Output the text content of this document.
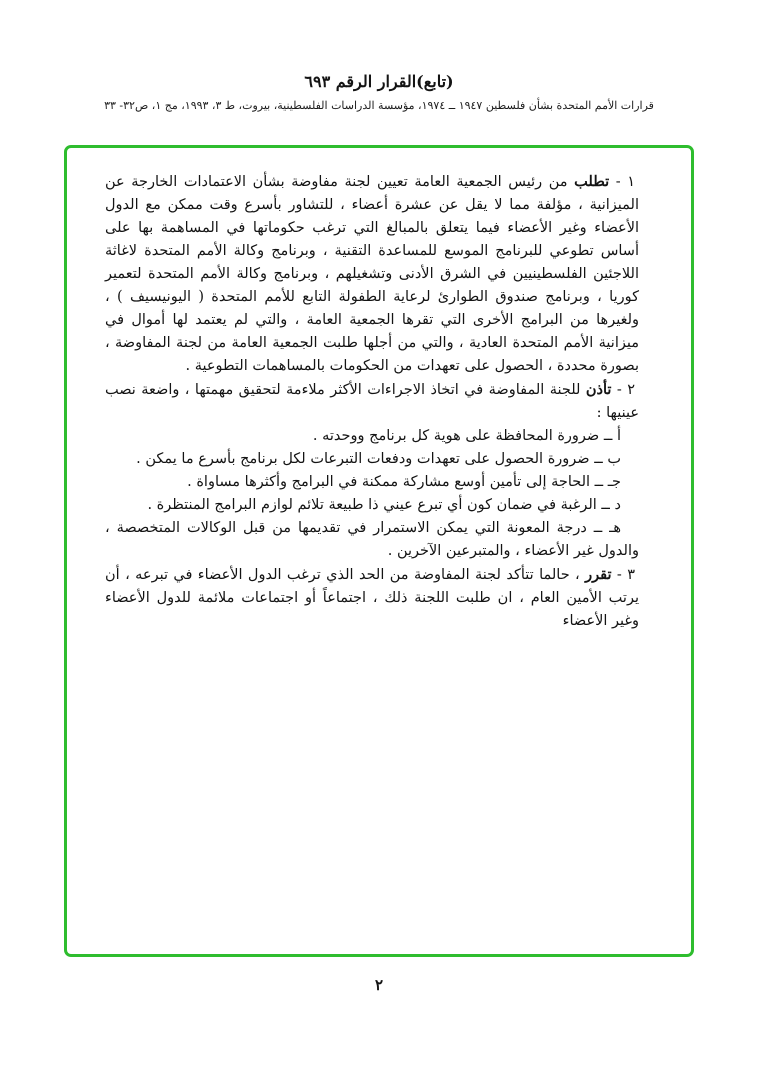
(تابع)القرار الرقم ٦٩٣

قرارات الأمم المتحدة بشأن فلسطين ١٩٤٧ ــ ١٩٧٤، مؤسسة الدراسات الفلسطينية، بيروت، ط ٣، ١٩٩٣، مج ١، ص٣٢- ٣٣

١ - تطلب من رئيس الجمعية العامة تعيين لجنة مفاوضة بشأن الاعتمادات الخارجة عن الميزانية ، مؤلفة مما لا يقل عن عشرة أعضاء ، للتشاور بأسرع وقت ممكن مع الدول الأعضاء وغير الأعضاء فيما يتعلق بالمبالغ التي ترغب حكوماتها في المساهمة بها على أساس تطوعي للبرنامج الموسع للمساعدة التقنية ، وبرنامج وكالة الأمم المتحدة لاغاثة اللاجئين الفلسطينيين في الشرق الأدنى وتشغيلهم ، وبرنامج وكالة الأمم المتحدة لتعمير كوريا ، وبرنامج صندوق الطوارئ لرعاية الطفولة التابع للأمم المتحدة ( اليونيسيف ) ، ولغيرها من البرامج الأخرى التي تقرها الجمعية العامة ، والتي لم يعتمد لها أموال في ميزانية الأمم المتحدة العادية ، والتي من أجلها طلبت الجمعية العامة من لجنة المفاوضة ، بصورة محددة ، الحصول على تعهدات من الحكومات بالمساهمات التطوعية .

٢ - تأذن للجنة المفاوضة في اتخاذ الاجراءات الأكثر ملاءمة لتحقيق مهمتها ، واضعة نصب عينيها :

أ ــ ضرورة المحافظة على هوية كل برنامج ووحدته .

ب ــ ضرورة الحصول على تعهدات ودفعات التبرعات لكل برنامج بأسرع ما يمكن .

جـ ــ الحاجة إلى تأمين أوسع مشاركة ممكنة في البرامج وأكثرها مساواة .

د ــ الرغبة في ضمان كون أي تبرع عيني ذا طبيعة تلائم لوازم البرامج المنتظرة .

هـ ــ درجة المعونة التي يمكن الاستمرار في تقديمها من قبل الوكالات المتخصصة ، والدول غير الأعضاء ، والمتبرعين الآخرين .

٣ - تقرر ، حالما تتأكد لجنة المفاوضة من الحد الذي ترغب الدول الأعضاء في تبرعه ، أن يرتب الأمين العام ، ان طلبت اللجنة ذلك ، اجتماعاً أو اجتماعات ملائمة للدول الأعضاء وغير الأعضاء

٢
